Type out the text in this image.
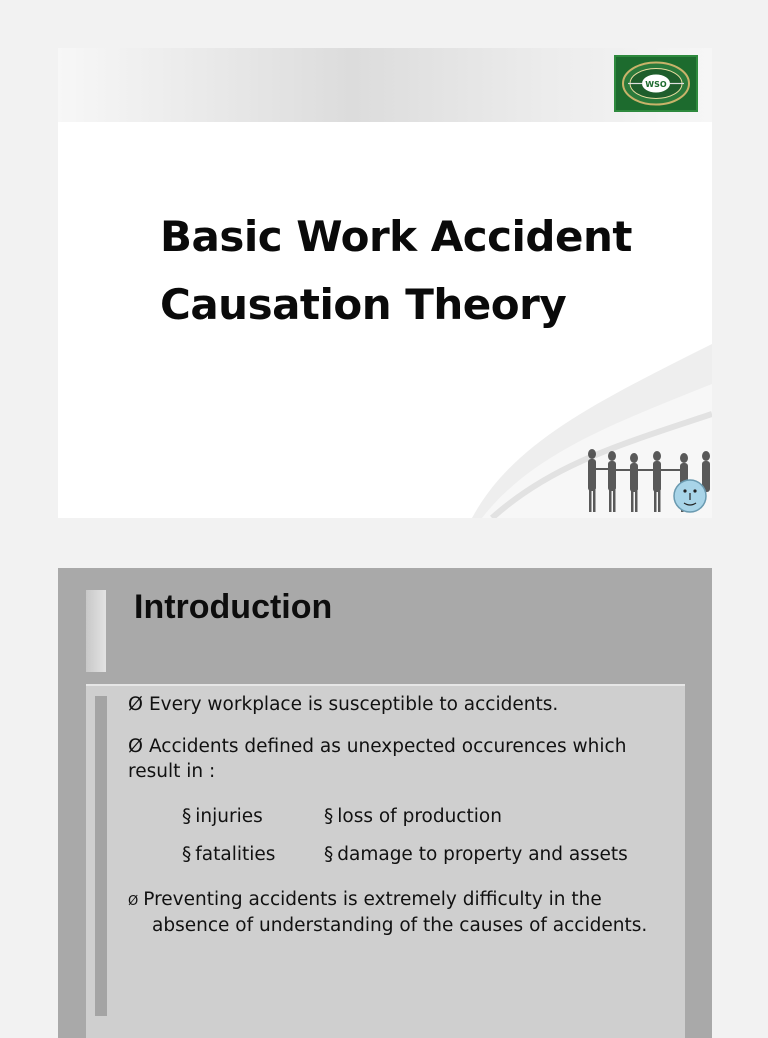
WSO
Basic Work Accident
Causation Theory
Introduction
Ø Every workplace is susceptible to accidents.
Ø Accidents defined as unexpected occurences which
result in :
§ injuries	§ loss of production
§ fatalities	§ damage to property and assets
Ø Preventing accidents is extremely difficulty in the
absence of understanding of the causes of accidents.
